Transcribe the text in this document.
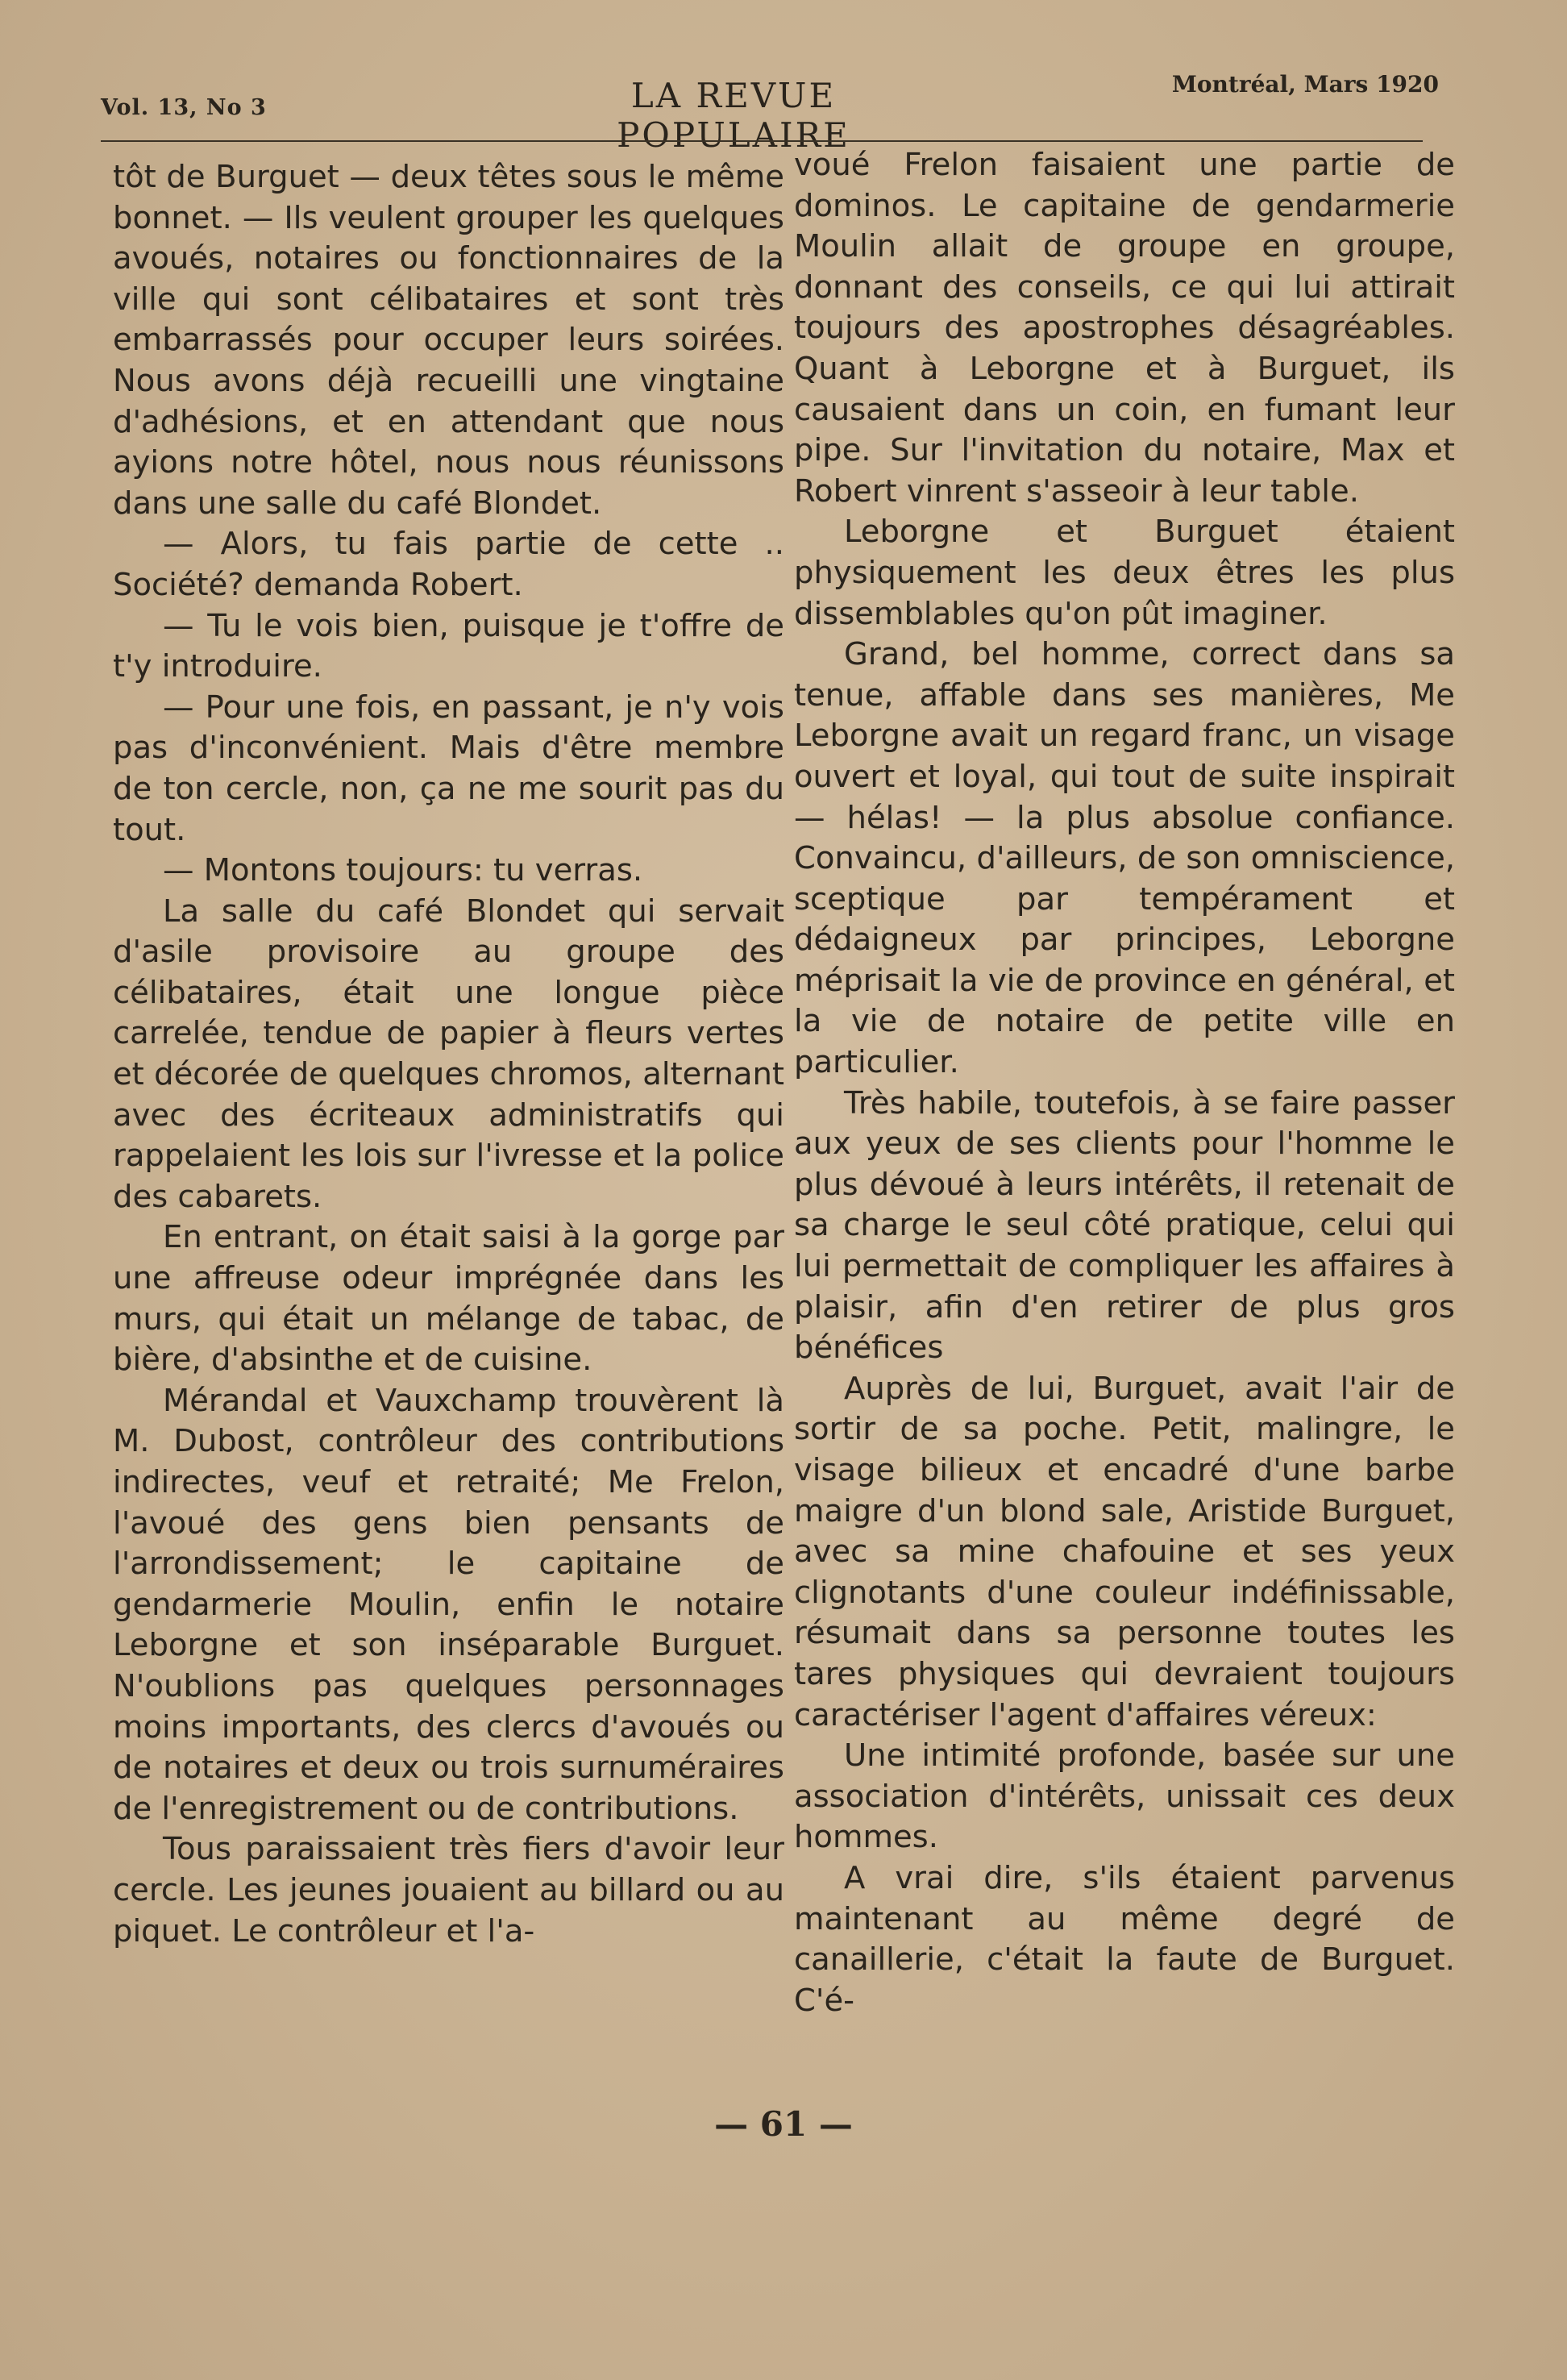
Vol. 13, No 3	LA REVUE POPULAIRE
Montréal, Mars 1920

tôt de Burguet — deux têtes sous le même bonnet. — Ils veulent grouper les quelques avoués, notaires ou fonctionnaires de la ville qui sont célibataires et sont très embarrassés pour occuper leurs soirées. Nous avons déjà recueilli une vingtaine d'adhésions, et en attendant que nous ayions notre hôtel, nous nous réunissons dans une salle du café Blondet.

— Alors, tu fais partie de cette .. Société? demanda Robert.

— Tu le vois bien, puisque je t'offre de t'y introduire.

— Pour une fois, en passant, je n'y vois pas d'inconvénient. Mais d'être membre de ton cercle, non, ça ne me sourit pas du tout.

— Montons toujours: tu verras.

La salle du café Blondet qui servait d'asile provisoire au groupe des célibataires, était une longue pièce carrelée, tendue de papier à fleurs vertes et décorée de quelques chromos, alternant avec des écriteaux administratifs qui rappelaient les lois sur l'ivresse et la police des cabarets.

En entrant, on était saisi à la gorge par une affreuse odeur imprégnée dans les murs, qui était un mélange de tabac, de bière, d'absinthe et de cuisine.

Mérandal et Vauxchamp trouvèrent là M. Dubost, contrôleur des contributions indirectes, veuf et retraité; Me Frelon, l'avoué des gens bien pensants de l'arrondissement; le capitaine de gendarmerie Moulin, enfin le notaire Leborgne et son inséparable Burguet. N'oublions pas quelques personnages moins importants, des clercs d'avoués ou de notaires et deux ou trois surnuméraires de l'enregistrement ou de contributions.

Tous paraissaient très fiers d'avoir leur cercle. Les jeunes jouaient au billard ou au piquet. Le contrôleur et l'a-

voué Frelon faisaient une partie de dominos. Le capitaine de gendarmerie Moulin allait de groupe en groupe, donnant des conseils, ce qui lui attirait toujours des apostrophes désagréables. Quant à Leborgne et à Burguet, ils causaient dans un coin, en fumant leur pipe. Sur l'invitation du notaire, Max et Robert vinrent s'asseoir à leur table.

Leborgne et Burguet étaient physiquement les deux êtres les plus dissemblables qu'on pût imaginer.

Grand, bel homme, correct dans sa tenue, affable dans ses manières, Me Leborgne avait un regard franc, un visage ouvert et loyal, qui tout de suite inspirait — hélas! — la plus absolue confiance. Convaincu, d'ailleurs, de son omniscience, sceptique par tempérament et dédaigneux par principes, Leborgne méprisait la vie de province en général, et la vie de notaire de petite ville en particulier.

Très habile, toutefois, à se faire passer aux yeux de ses clients pour l'homme le plus dévoué à leurs intérêts, il retenait de sa charge le seul côté pratique, celui qui lui permettait de compliquer les affaires à plaisir, afin d'en retirer de plus gros bénéfices

Auprès de lui, Burguet, avait l'air de sortir de sa poche. Petit, malingre, le visage bilieux et encadré d'une barbe maigre d'un blond sale, Aristide Burguet, avec sa mine chafouine et ses yeux clignotants d'une couleur indéfinissable, résumait dans sa personne toutes les tares physiques qui devraient toujours caractériser l'agent d'affaires véreux:

Une intimité profonde, basée sur une association d'intérêts, unissait ces deux hommes.

A vrai dire, s'ils étaient parvenus maintenant au même degré de canaillerie, c'était la faute de Burguet. C'é-

— 61 —
